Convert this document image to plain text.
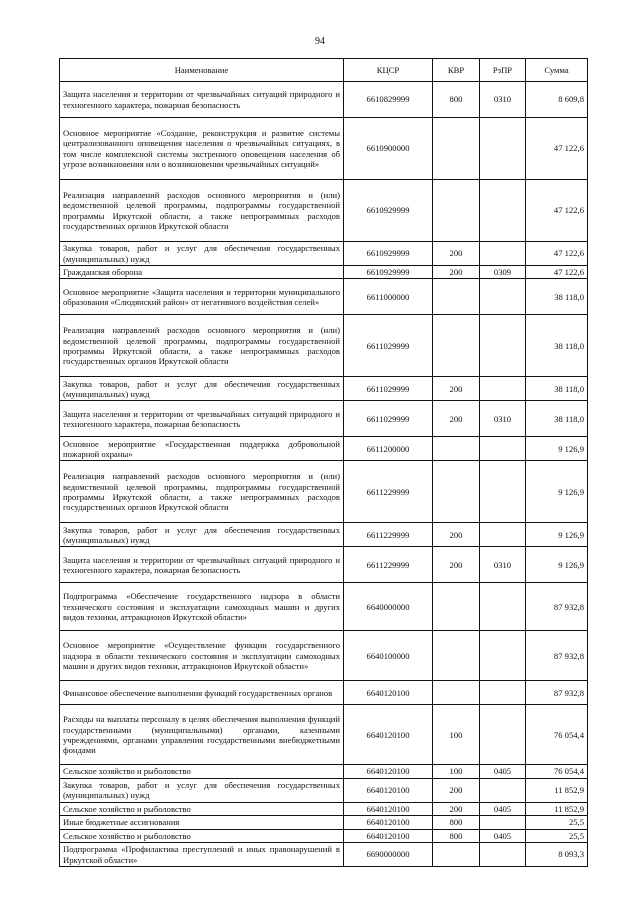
94
Наименование	КЦСР	КВР	РзПР	Сумма
Защита населения и территории от чрезвычайных ситуаций природного и техногенного характера, пожарная безопасность	6610829999	800	0310	8 609,8
Основное мероприятие «Создание, реконструкция и развитие системы централизованного оповещения населения о чрезвычайных ситуациях, в том числе комплексной системы экстренного оповещения населения об угрозе возникновения или о возникновении чрезвычайных ситуаций»	6610900000			47 122,6
Реализация направлений расходов основного мероприятия и (или) ведомственной целевой программы, подпрограммы государственной программы Иркутской области, а также непрограммных расходов государственных органов Иркутской области	6610929999			47 122,6
Закупка товаров, работ и услуг для обеспечения государственных (муниципальных) нужд	6610929999	200		47 122,6
Гражданская оборона	6610929999	200	0309	47 122,6
Основное мероприятие «Защита населения и территории муниципального образования «Слюдянский район» от негативного воздействия селей»	6611000000			38 118,0
Реализация направлений расходов основного мероприятия и (или) ведомственной целевой программы, подпрограммы государственной программы Иркутской области, а также непрограммных расходов государственных органов Иркутской области	6611029999			38 118,0
Закупка товаров, работ и услуг для обеспечения государственных (муниципальных) нужд	6611029999	200		38 118,0
Защита населения и территории от чрезвычайных ситуаций природного и техногенного характера, пожарная безопасность	6611029999	200	0310	38 118,0
Основное мероприятие «Государственная поддержка добровольной пожарной охраны»	6611200000			9 126,9
Реализация направлений расходов основного мероприятия и (или) ведомственной целевой программы, подпрограммы государственной программы Иркутской области, а также непрограммных расходов государственных органов Иркутской области	6611229999			9 126,9
Закупка товаров, работ и услуг для обеспечения государственных (муниципальных) нужд	6611229999	200		9 126,9
Защита населения и территории от чрезвычайных ситуаций природного и техногенного характера, пожарная безопасность	6611229999	200	0310	9 126,9
Подпрограмма «Обеспечение государственного надзора в области технического состояния и эксплуатации самоходных машин и других видов техники, аттракционов Иркутской области»	6640000000			87 932,8
Основное мероприятие «Осуществление функции государственного надзора в области технического состояния и эксплуатации самоходных машин и других видов техники, аттракционов Иркутской области»	6640100000			87 932,8
Финансовое обеспечение выполнения функций государственных органов	6640120100			87 932,8
Расходы на выплаты персоналу в целях обеспечения выполнения функций государственными (муниципальными) органами, казенными учреждениями, органами управления государственными внебюджетными фондами	6640120100	100		76 054,4
Сельское хозяйство и рыболовство	6640120100	100	0405	76 054,4
Закупка товаров, работ и услуг для обеспечения государственных (муниципальных) нужд	6640120100	200		11 852,9
Сельское хозяйство и рыболовство	6640120100	200	0405	11 852,9
Иные бюджетные ассигнования	6640120100	800		25,5
Сельское хозяйство и рыболовство	6640120100	800	0405	25,5
Подпрограмма «Профилактика преступлений и иных правонарушений в Иркутской области»	6690000000			8 093,3
